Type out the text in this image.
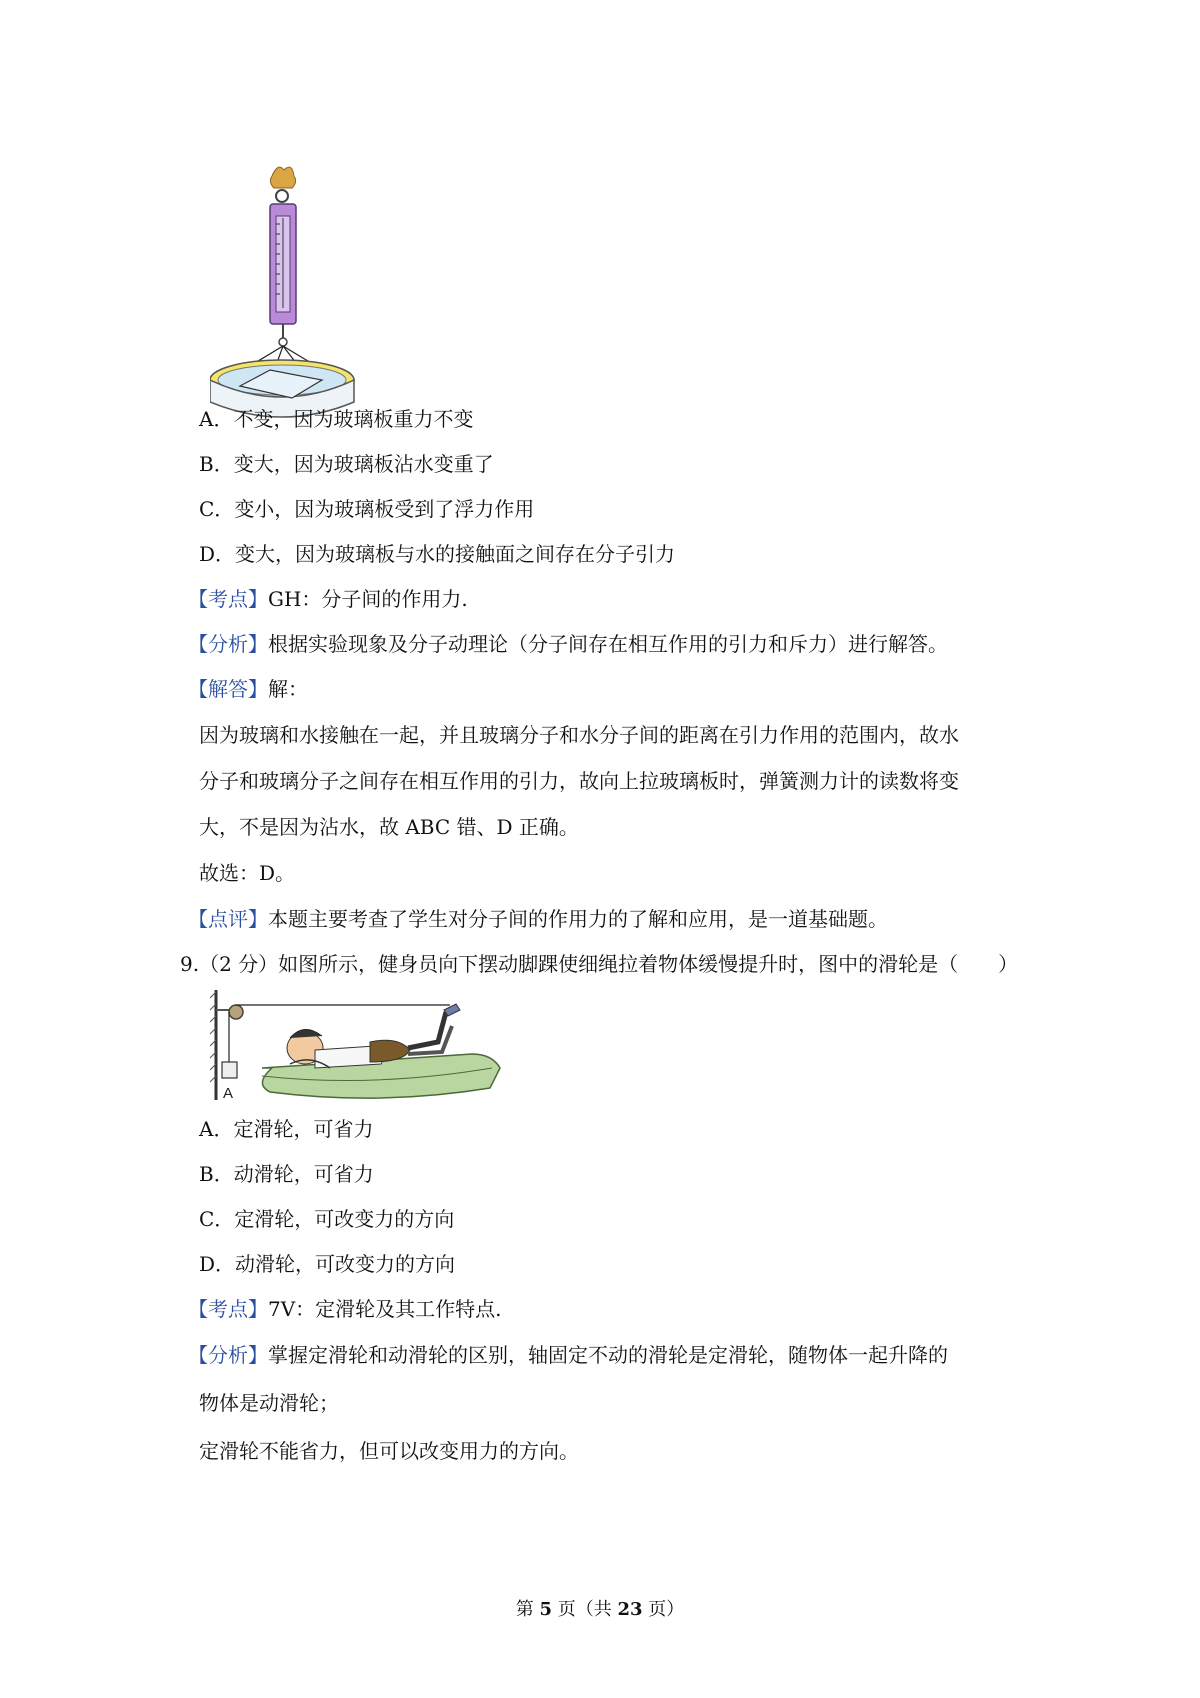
A．不变，因为玻璃板重力不变
B．变大，因为玻璃板沾水变重了
C．变小，因为玻璃板受到了浮力作用
D．变大，因为玻璃板与水的接触面之间存在分子引力
【考点】GH：分子间的作用力.
【分析】根据实验现象及分子动理论（分子间存在相互作用的引力和斥力）进行解答。
【解答】解：
因为玻璃和水接触在一起，并且玻璃分子和水分子间的距离在引力作用的范围内，故水
分子和玻璃分子之间存在相互作用的引力，故向上拉玻璃板时，弹簧测力计的读数将变
大，不是因为沾水，故 ABC 错、D 正确。
故选：D。
【点评】本题主要考查了学生对分子间的作用力的了解和应用，是一道基础题。
9.（2 分）如图所示，健身员向下摆动脚踝使细绳拉着物体缓慢提升时，图中的滑轮是（　　）
A
A．定滑轮，可省力
B．动滑轮，可省力
C．定滑轮，可改变力的方向
D．动滑轮，可改变力的方向
【考点】7V：定滑轮及其工作特点.
【分析】掌握定滑轮和动滑轮的区别，轴固定不动的滑轮是定滑轮，随物体一起升降的
物体是动滑轮；
定滑轮不能省力，但可以改变用力的方向。
第 5 页（共 23 页）
